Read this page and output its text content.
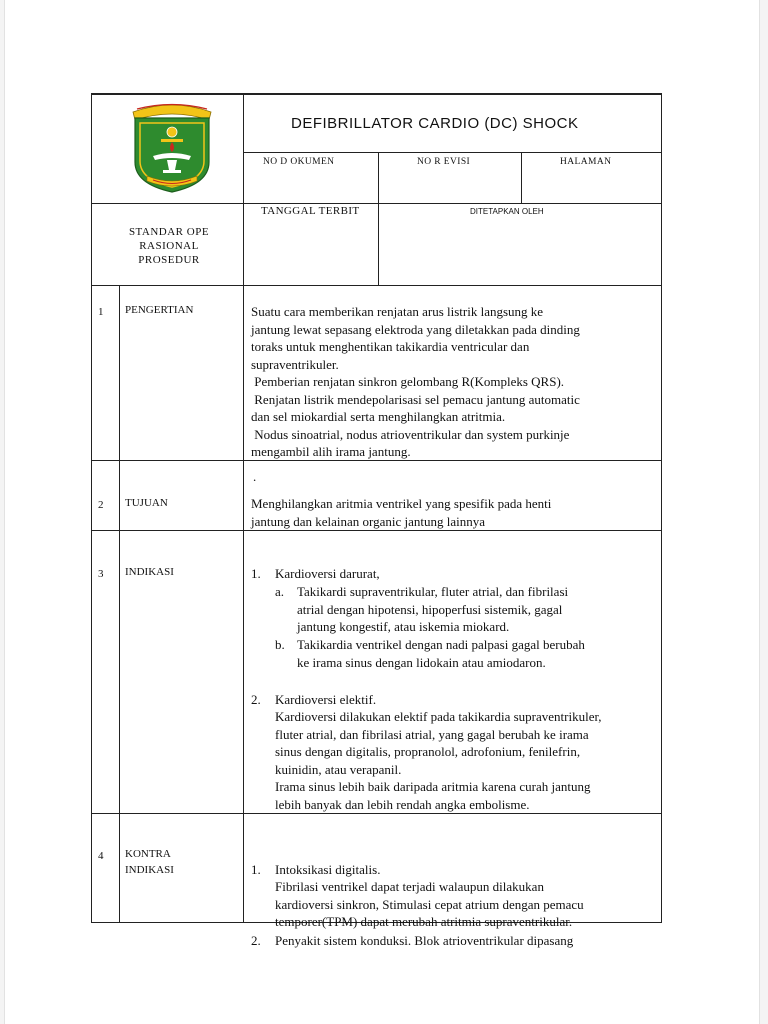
DEFIBRILLATOR CARDIO (DC) SHOCK
NO D OKUMEN	NO R EVISI	HALAMAN
TANGGAL TERBIT	DITETAPKAN OLEH
STANDAR OPE
RASIONAL
PROSEDUR
1 PENGERTIAN	Suatu cara memberikan renjatan arus listrik langsung ke
jantung lewat sepasang elektroda yang diletakkan pada dinding
toraks untuk menghentikan takikardia ventricular dan
supraventrikuler.
Pemberian renjatan sinkron gelombang R(Kompleks QRS).
Renjatan listrik mendepolarisasi sel pemacu jantung automatic
dan sel miokardial serta menghilangkan atritmia.
Nodus sinoatrial, nodus atrioventrikular dan system purkinje
mengambil alih irama jantung.
2 TUJUAN
.
Menghilangkan aritmia ventrikel yang spesifik pada henti
jantung dan kelainan organic jantung lainnya
3 INDIKASI	1. Kardioversi darurat,
a. Takikardi supraventrikular, fluter atrial, dan fibrilasi
atrial dengan hipotensi, hipoperfusi sistemik, gagal
jantung kongestif, atau iskemia miokard.
b. Takikardia ventrikel dengan nadi palpasi gagal berubah
ke irama sinus dengan lidokain atau amiodaron.
2. Kardioversi elektif.
Kardioversi dilakukan elektif pada takikardia supraventrikuler,
fluter atrial, dan fibrilasi atrial, yang gagal berubah ke irama
sinus dengan digitalis, propranolol, adrofonium, fenilefrin,
kuinidin, atau verapanil.
Irama sinus lebih baik daripada aritmia karena curah jantung
lebih banyak dan lebih rendah angka embolisme.
4 KONTRA
INDIKASI	1. Intoksikasi digitalis.
Fibrilasi ventrikel dapat terjadi walaupun dilakukan
kardioversi sinkron, Stimulasi cepat atrium dengan pemacu
temporer(TPM) dapat merubah atritmia supraventrikular.
2. Penyakit sistem konduksi. Blok atrioventrikular dipasang
